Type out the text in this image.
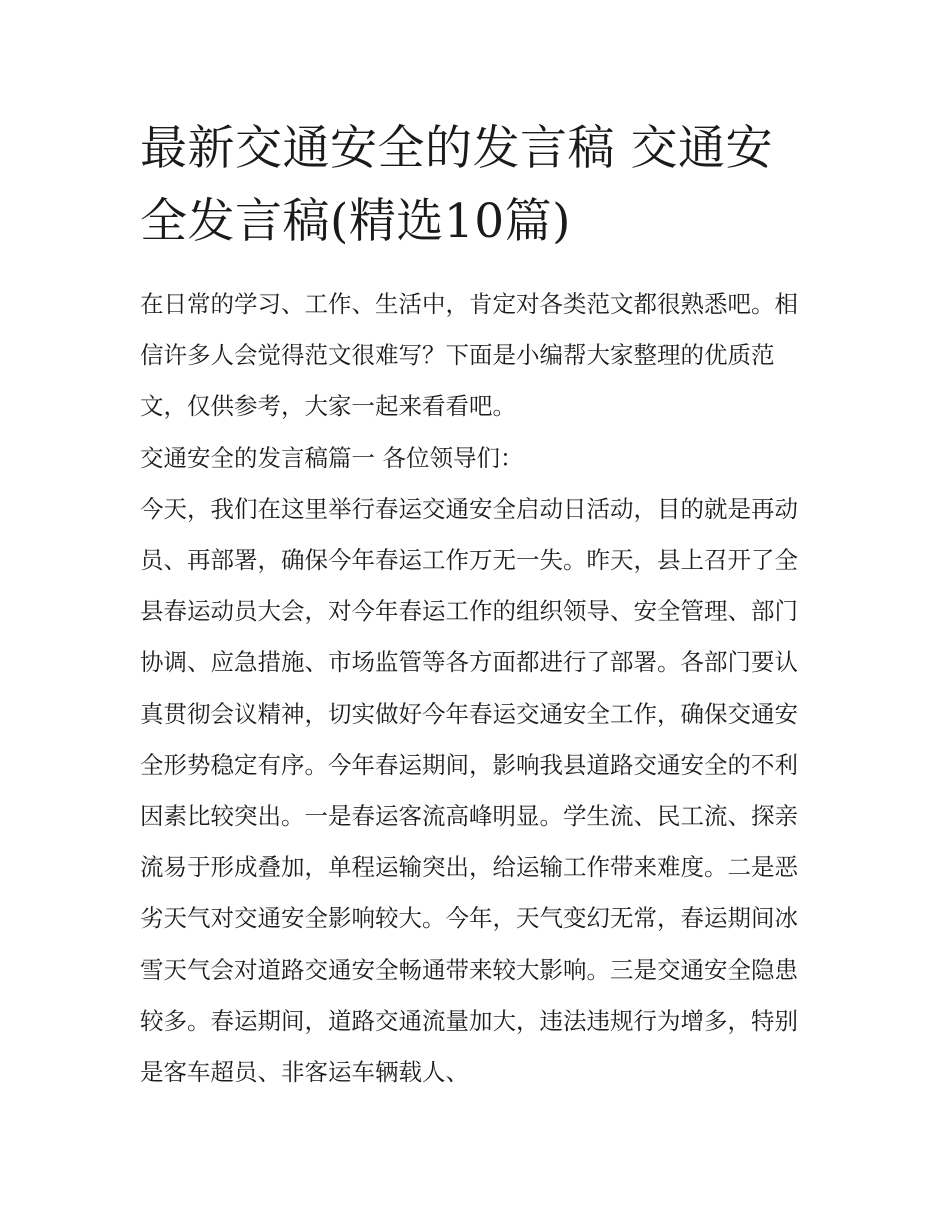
最新交通安全的发言稿 交通安全发言稿(精选10篇)

在日常的学习、工作、生活中，肯定对各类范文都很熟悉吧。相信许多人会觉得范文很难写？下面是小编帮大家整理的优质范文，仅供参考，大家一起来看看吧。

交通安全的发言稿篇一 各位领导们：

今天，我们在这里举行春运交通安全启动日活动，目的就是再动员、再部署，确保今年春运工作万无一失。昨天，县上召开了全县春运动员大会，对今年春运工作的组织领导、安全管理、部门协调、应急措施、市场监管等各方面都进行了部署。各部门要认真贯彻会议精神，切实做好今年春运交通安全工作，确保交通安全形势稳定有序。今年春运期间，影响我县道路交通安全的不利因素比较突出。一是春运客流高峰明显。学生流、民工流、探亲流易于形成叠加，单程运输突出，给运输工作带来难度。二是恶劣天气对交通安全影响较大。今年，天气变幻无常，春运期间冰雪天气会对道路交通安全畅通带来较大影响。三是交通安全隐患较多。春运期间，道路交通流量加大，违法违规行为增多，特别是客车超员、非客运车辆载人、
